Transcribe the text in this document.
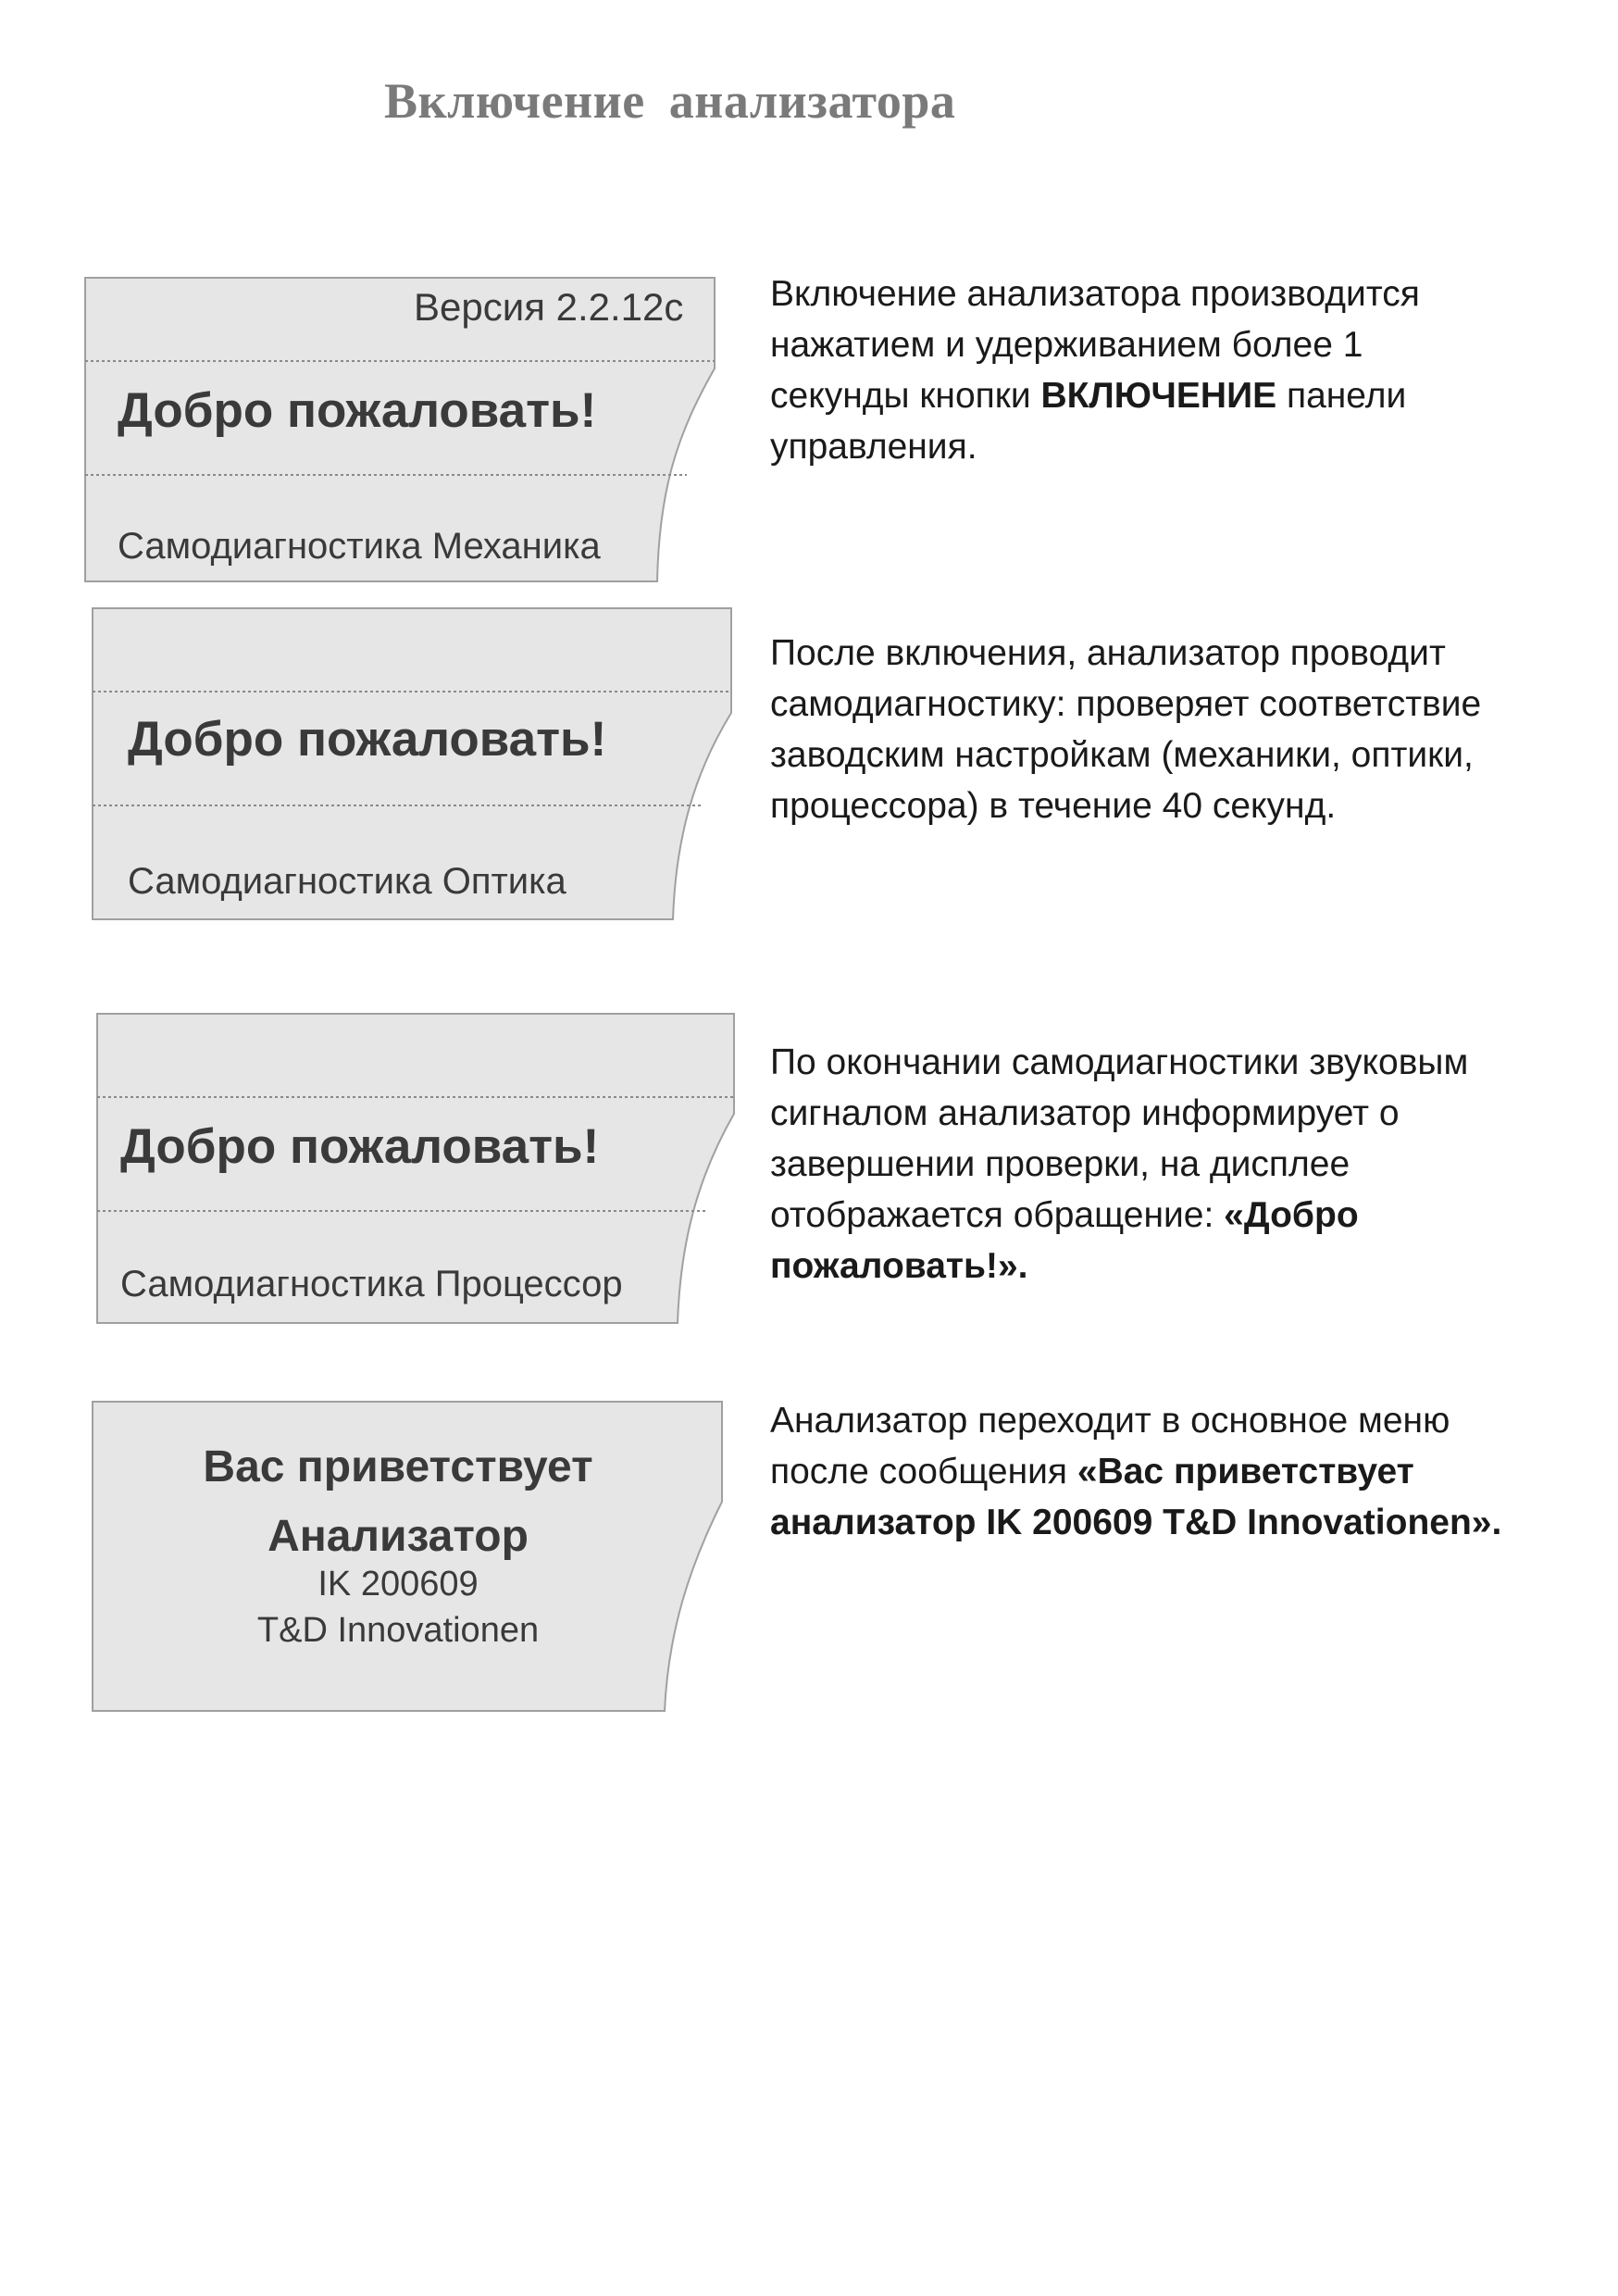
Включение анализатора
Версия 2.2.12c
Добро пожаловать!
Самодиагностика Механика
Добро пожаловать!
Самодиагностика Оптика
Добро пожаловать!
Самодиагностика Процессор
Вас приветствует
Анализатор
IK 200609
T&D Innovationen
Включение анализатора производится нажатием и удерживанием более 1 секунды кнопки ВКЛЮЧЕНИЕ панели управления.
После включения, анализатор проводит самодиагностику: проверяет соответствие заводским настройкам (механики, оптики, процессора) в течение 40 секунд.
По окончании самодиагностики звуковым сигналом анализатор информирует о завершении проверки, на дисплее отображается обращение: «Добро пожаловать!».
Анализатор переходит в основное меню после сообщения «Вас приветствует анализатор IK 200609 T&D Innovationen».
